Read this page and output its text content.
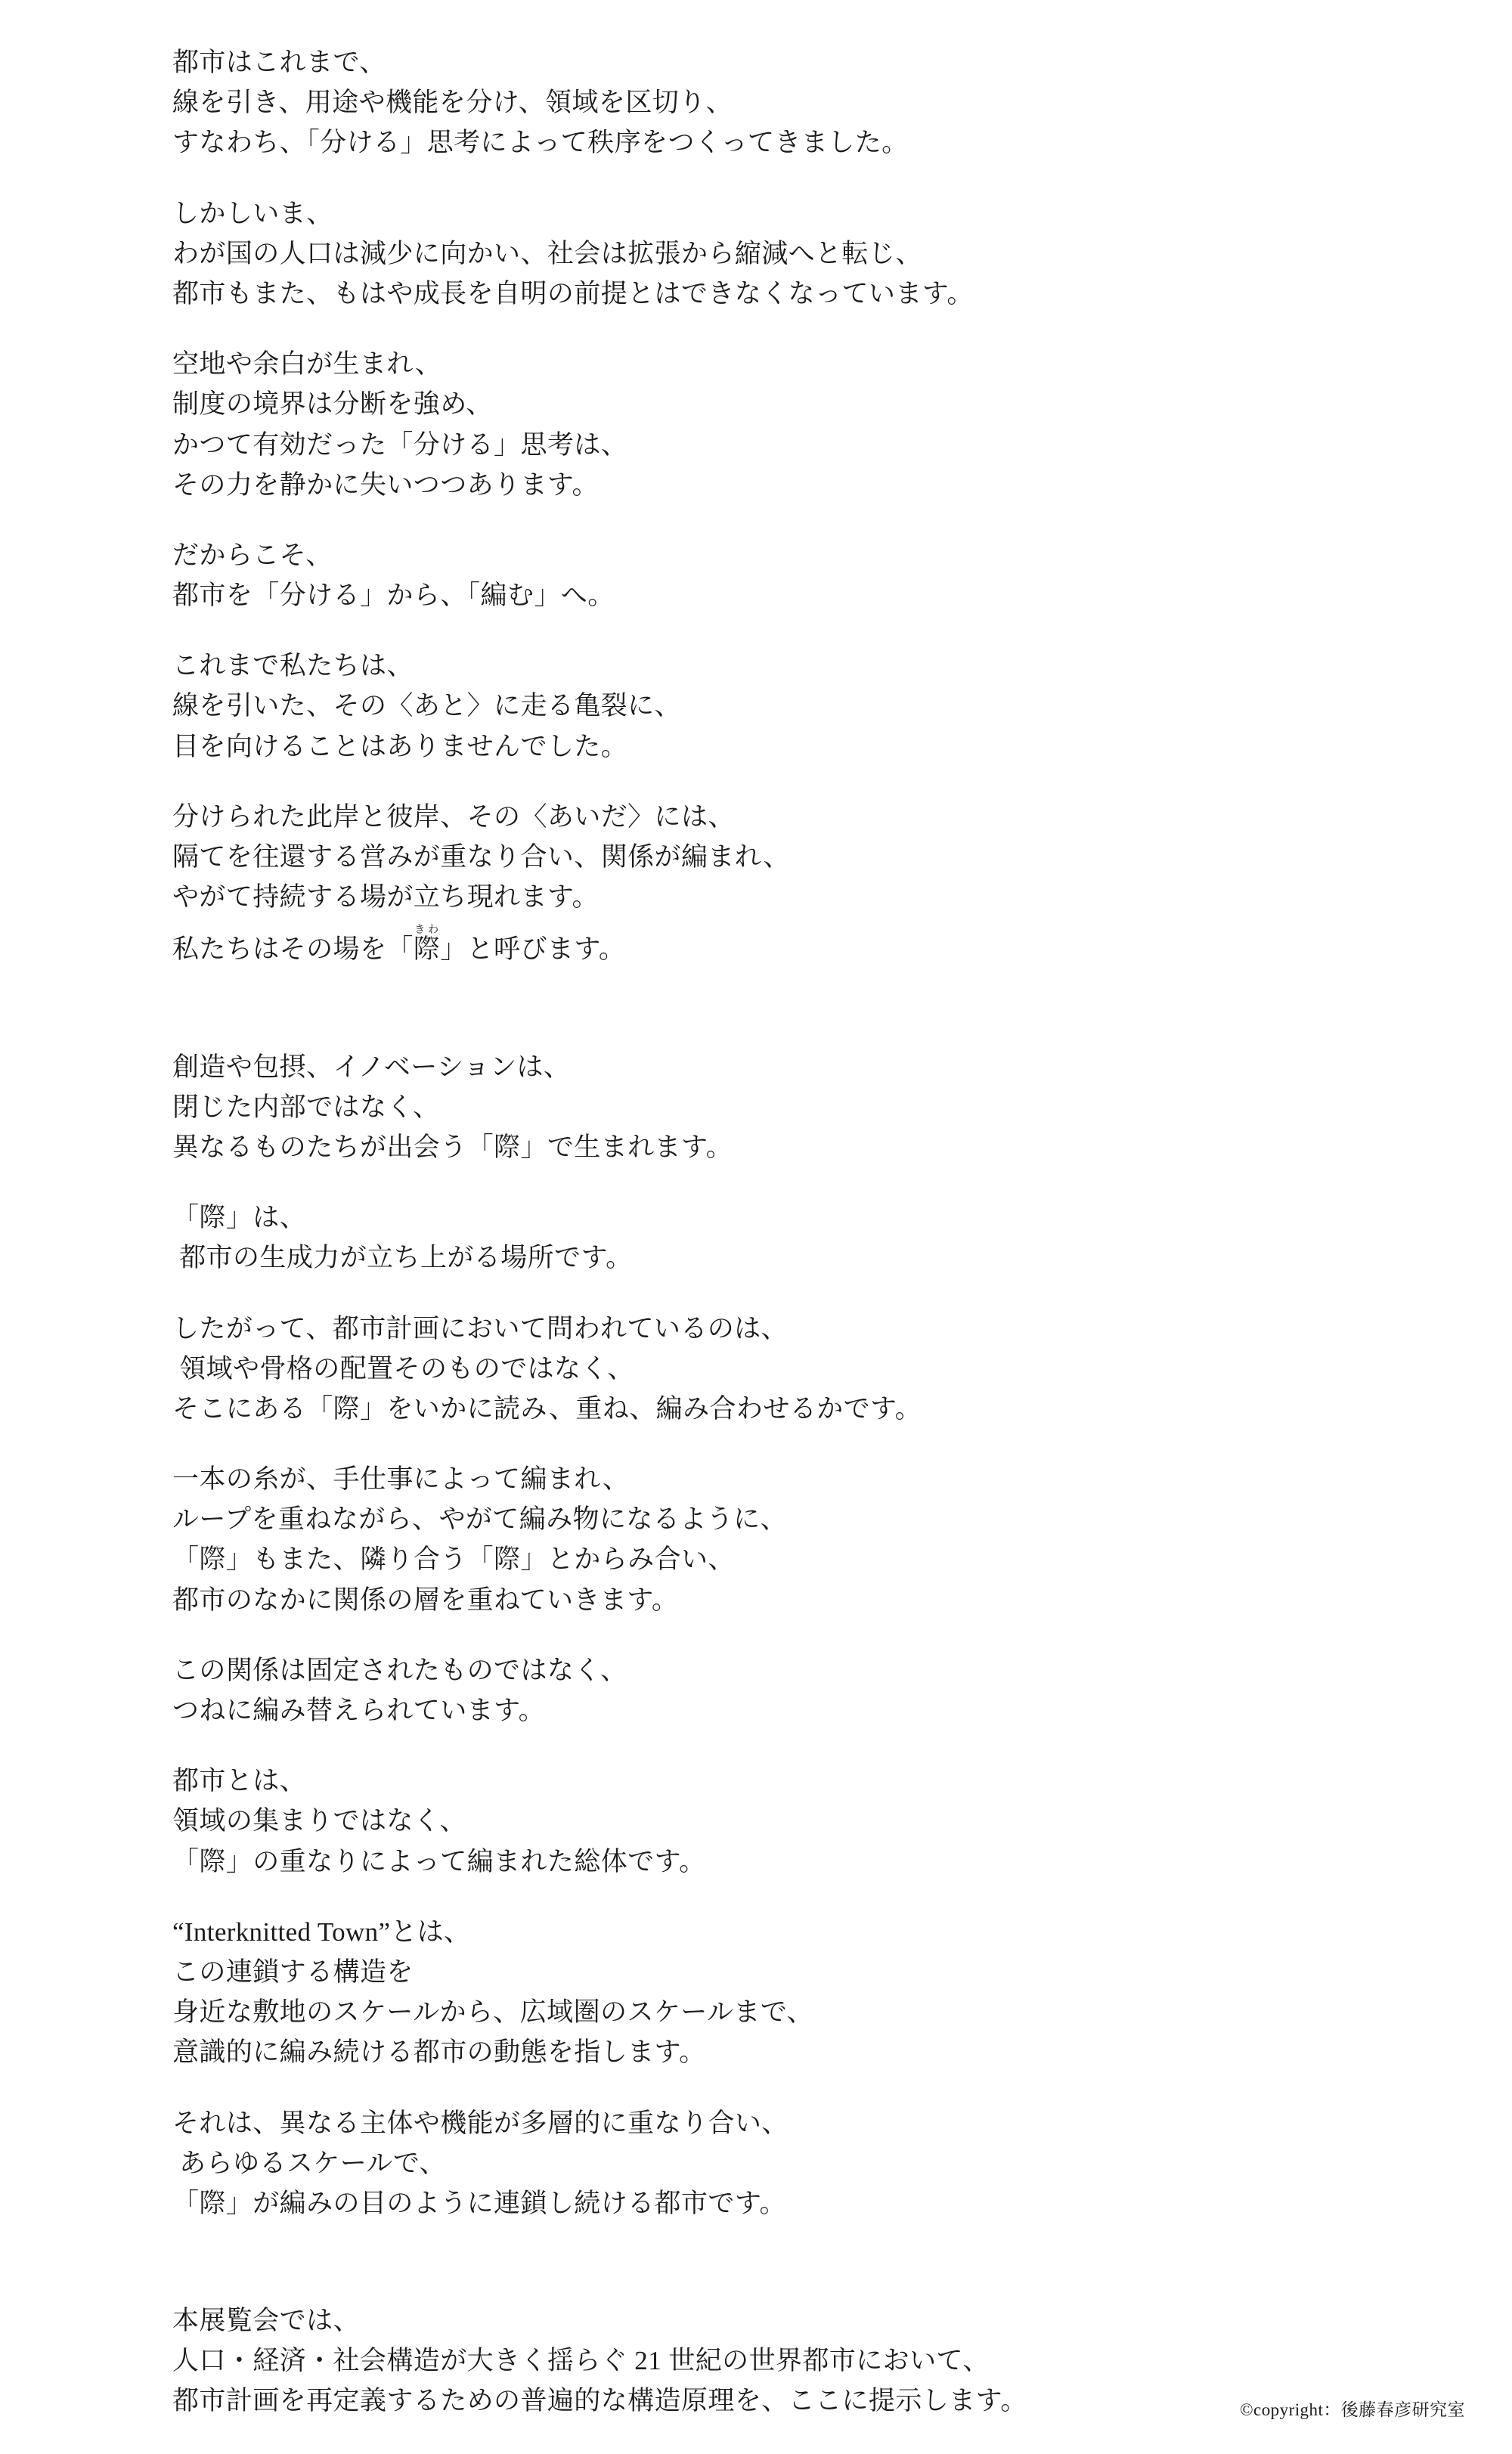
都市はこれまで、
線を引き、用途や機能を分け、領域を区切り、
すなわち、「分ける」思考によって秩序をつくってきました。
しかしいま、
わが国の人口は減少に向かい、社会は拡張から縮減へと転じ、
都市もまた、もはや成長を自明の前提とはできなくなっています。
空地や余白が生まれ、
制度の境界は分断を強め、
かつて有効だった「分ける」思考は、
その力を静かに失いつつあります。
だからこそ、
都市を「分ける」から、「編む」へ。
これまで私たちは、
線を引いた、その〈あと〉に走る亀裂に、
目を向けることはありませんでした。
分けられた此岸と彼岸、その〈あいだ〉には、
隔てを往還する営みが重なり合い、関係が編まれ、
やがて持続する場が立ち現れます。
私たちはその場を「際きわ」と呼びます。
創造や包摂、イノベーションは、
閉じた内部ではなく、
異なるものたちが出会う「際」で生まれます。
「際」は、
都市の生成力が立ち上がる場所です。
したがって、都市計画において問われているのは、
領域や骨格の配置そのものではなく、
そこにある「際」をいかに読み、重ね、編み合わせるかです。
一本の糸が、手仕事によって編まれ、
ループを重ねながら、やがて編み物になるように、
「際」もまた、隣り合う「際」とからみ合い、
都市のなかに関係の層を重ねていきます。
この関係は固定されたものではなく、
つねに編み替えられています。
都市とは、
領域の集まりではなく、
「際」の重なりによって編まれた総体です。
“Interknitted Town”とは、
この連鎖する構造を
身近な敷地のスケールから、広域圏のスケールまで、
意識的に編み続ける都市の動態を指します。
それは、異なる主体や機能が多層的に重なり合い、
あらゆるスケールで、
「際」が編みの目のように連鎖し続ける都市です。
本展覧会では、
人口・経済・社会構造が大きく揺らぐ 21 世紀の世界都市において、
都市計画を再定義するための普遍的な構造原理を、ここに提示します。	©copyright：後藤春彦研究室
